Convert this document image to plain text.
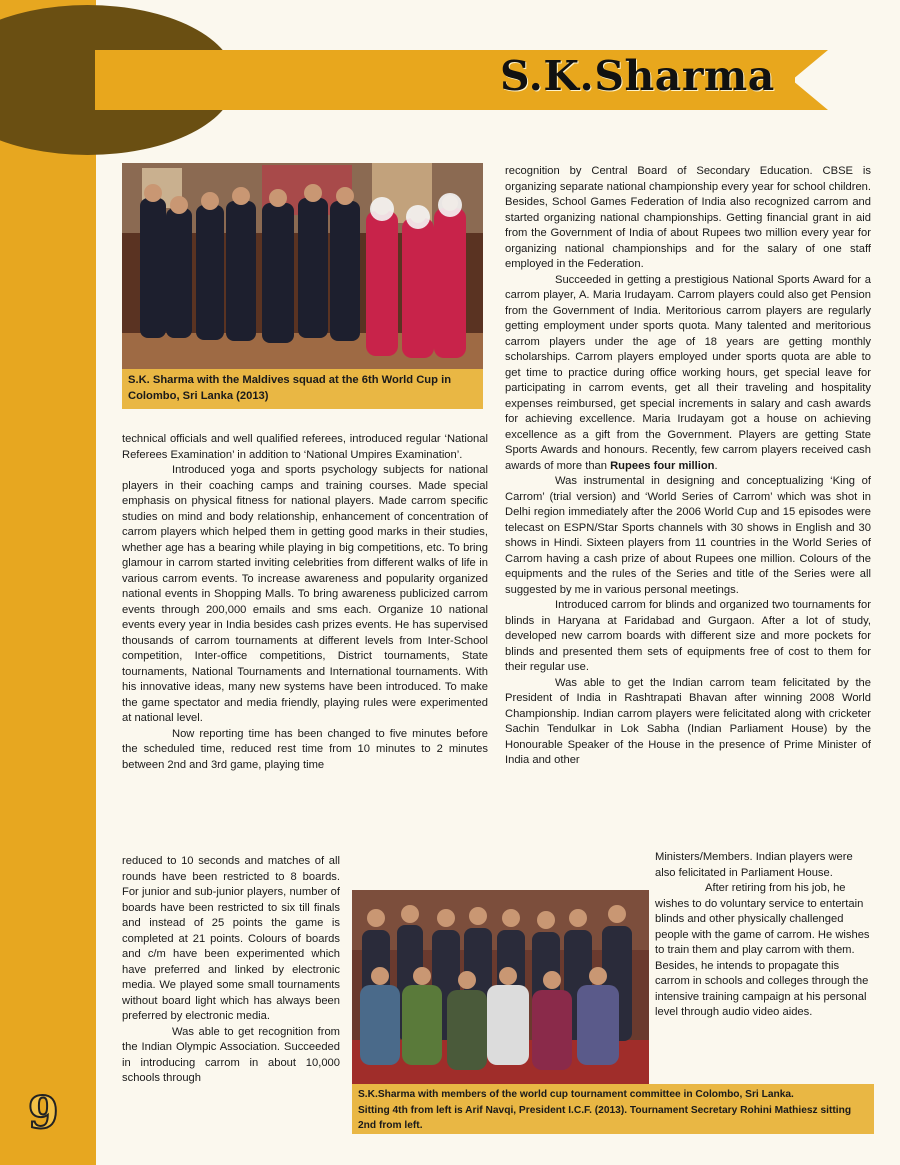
S.K.Sharma
S.K. Sharma with the Maldives squad at the 6th World Cup in Colombo, Sri Lanka (2013)

technical officials and well qualified referees, introduced regular ‘National Referees Examination’ in addition to ‘National Umpires Examination’.

Introduced yoga and sports psychology subjects for national players in their coaching camps and training courses. Made special emphasis on physical fitness for national players. Made carrom specific studies on mind and body relationship, enhancement of concentration of carrom players which helped them in getting good marks in their studies, whether age has a bearing while playing in big competitions, etc. To bring glamour in carrom started inviting celebrities from different walks of life in various carrom events. To increase awareness and popularity organized national events in Shopping Malls. To bring awareness publicized carrom events through 200,000 emails and sms each. Organize 10 national events every year in India besides cash prizes events. He has supervised thousands of carrom tournaments at different levels from Inter-School competition, Inter-office competitions, District tournaments, State tournaments, National Tournaments and International tournaments. With his innovative ideas, many new systems have been introduced. To make the game spectator and media friendly, playing rules were experimented at national level.

Now reporting time has been changed to five minutes before the scheduled time, reduced rest time from 10 minutes to 2 minutes between 2nd and 3rd game, playing time

reduced to 10 seconds and matches of all rounds have been restricted to 8 boards. For junior and sub-junior players, number of boards have been restricted to six till finals and instead of 25 points the game is completed at 21 points. Colours of boards and c/m have been experimented which have preferred and linked by electronic media. We played some small tournaments without board light which has always been preferred by electronic media.

Was able to get recognition from the Indian Olympic Association. Succeeded in introducing carrom in about 10,000 schools through

recognition by Central Board of Secondary Education. CBSE is organizing separate national championship every year for school children. Besides, School Games Federation of India also recognized carrom and started organizing national championships. Getting financial grant in aid from the Government of India of about Rupees two million every year for organizing national championships and for the salary of one staff employed in the Federation.

Succeeded in getting a prestigious National Sports Award for a carrom player, A. Maria Irudayam. Carrom players could also get Pension from the Government of India. Meritorious carrom players are regularly getting employment under sports quota. Many talented and meritorious carrom players under the age of 18 years are getting monthly scholarships. Carrom players employed under sports quota are able to get time to practice during office working hours, get special leave for participating in carrom events, get all their traveling and hospitality expenses reimbursed, get special increments in salary and cash awards for achieving excellence. Maria Irudayam got a house on achieving excellence as a gift from the Government. Players are getting State Sports Awards and honours. Recently, few carrom players received cash awards of more than Rupees four million.

Was instrumental in designing and conceptualizing ‘King of Carrom’ (trial version) and ‘World Series of Carrom’ which was shot in Delhi region immediately after the 2006 World Cup and 15 episodes were telecast on ESPN/Star Sports channels with 30 shows in English and 30 shows in Hindi. Sixteen players from 11 countries in the World Series of Carrom having a cash prize of about Rupees one million. Colours of the equipments and the rules of the Series and title of the Series were all suggested by me in various personal meetings.

Introduced carrom for blinds and organized two tournaments for blinds in Haryana at Faridabad and Gurgaon. After a lot of study, developed new carrom boards with different size and more pockets for blinds and presented them sets of equipments free of cost to them for their regular use.

Was able to get the Indian carrom team felicitated by the President of India in Rashtrapati Bhavan after winning 2008 World Championship. Indian carrom players were felicitated along with cricketer Sachin Tendulkar in Lok Sabha (Indian Parliament House) by the Honourable Speaker of the House in the presence of Prime Minister of India and other

Ministers/Members. Indian players were also felicitated in Parliament House.

After retiring from his job, he wishes to do voluntary service to entertain blinds and other physically challenged people with the game of carrom. He wishes to train them and play carrom with them. Besides, he intends to propagate this carrom in schools and colleges through the intensive training campaign at his personal level through audio video aides.

S.K.Sharma with members of the world cup tournament committee in Colombo, Sri Lanka.
Sitting 4th from left is Arif Navqi, President I.C.F. (2013). Tournament Secretary Rohini Mathiesz sitting 2nd from left.
9
